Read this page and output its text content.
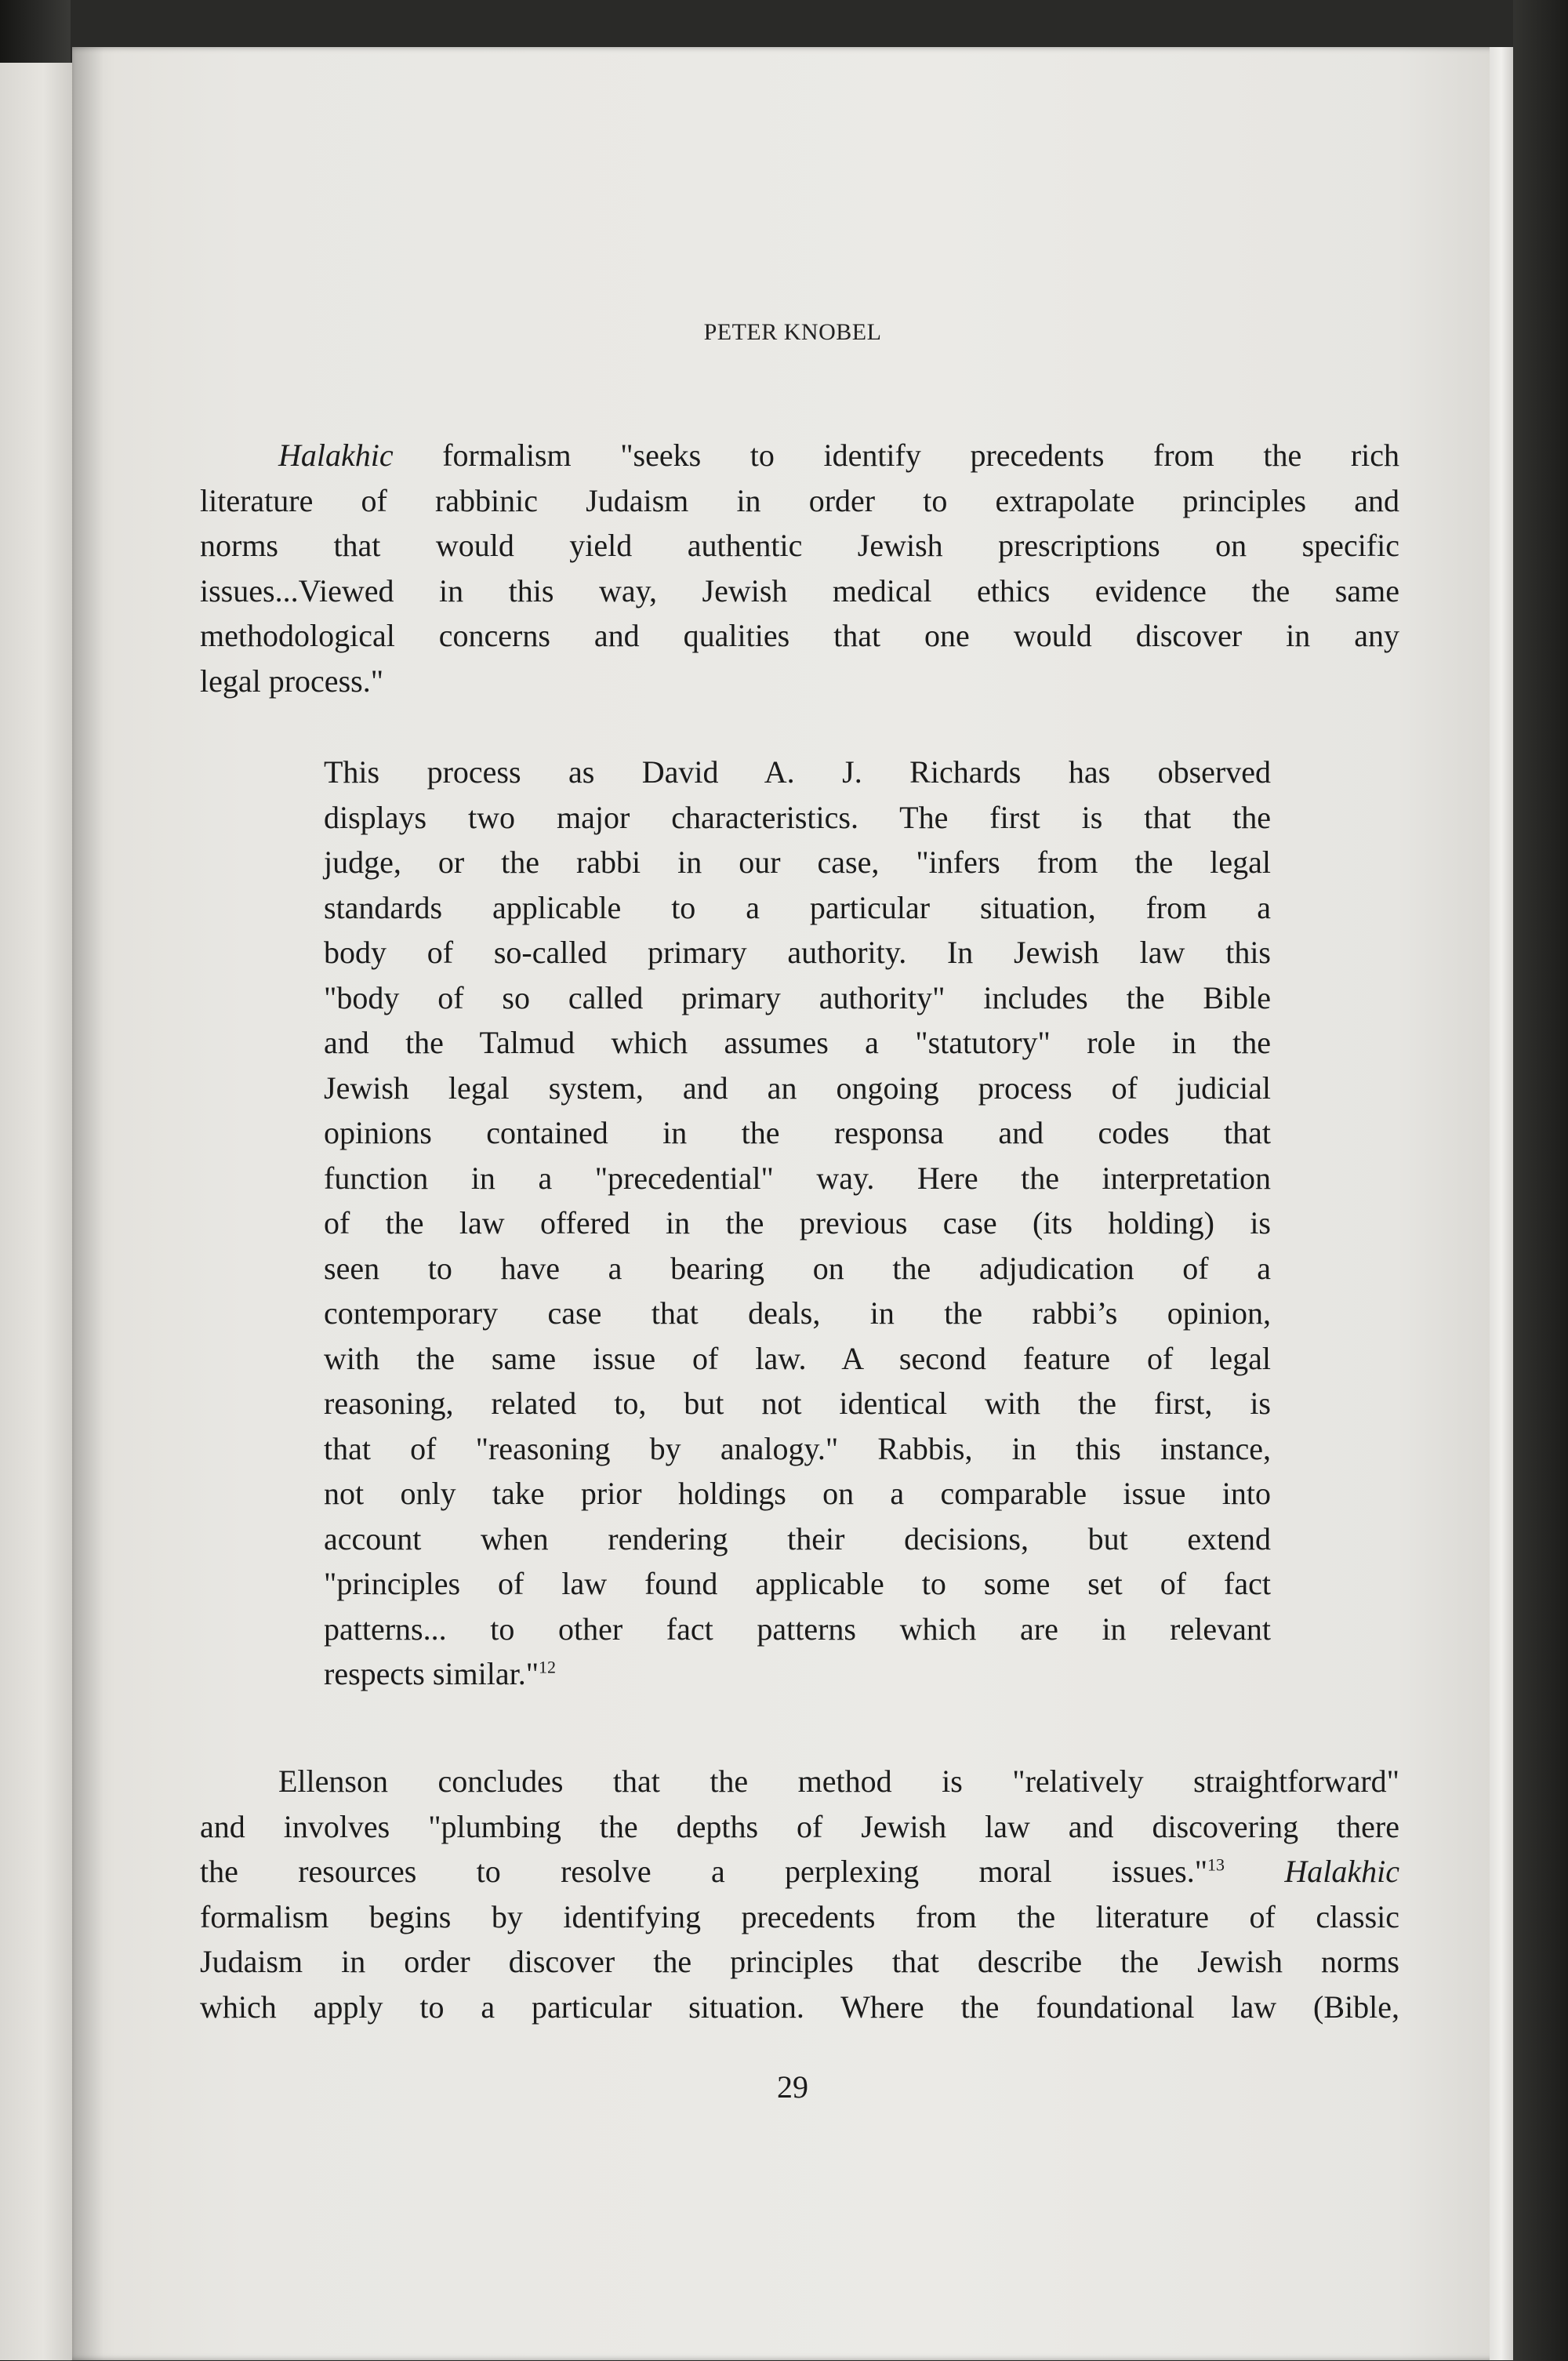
PETER KNOBEL
Halakhic formalism "seeks to identify precedents from the rich
literature of rabbinic Judaism in order to extrapolate principles and
norms that would yield authentic Jewish prescriptions on specific
issues...Viewed in this way, Jewish medical ethics evidence the same
methodological concerns and qualities that one would discover in any
legal process."
This process as David A. J. Richards has observed
displays two major characteristics. The first is that the
judge, or the rabbi in our case, "infers from the legal
standards applicable to a particular situation, from a
body of so-called primary authority. In Jewish law this
"body of so called primary authority" includes the Bible
and the Talmud which assumes a "statutory" role in the
Jewish legal system, and an ongoing process of judicial
opinions contained in the responsa and codes that
function in a "precedential" way. Here the interpretation
of the law offered in the previous case (its holding) is
seen to have a bearing on the adjudication of a
contemporary case that deals, in the rabbi’s opinion,
with the same issue of law. A second feature of legal
reasoning, related to, but not identical with the first, is
that of "reasoning by analogy." Rabbis, in this instance,
not only take prior holdings on a comparable issue into
account when rendering their decisions, but extend
"principles of law found applicable to some set of fact
patterns... to other fact patterns which are in relevant
respects similar."$^{12}$
Ellenson concludes that the method is "relatively straightforward"
and involves "plumbing the depths of Jewish law and discovering there
the resources to resolve a perplexing moral issues."$^{13}$ Halakhic
formalism begins by identifying precedents from the literature of classic
Judaism in order discover the principles that describe the Jewish norms
which apply to a particular situation. Where the foundational law (Bible,
29
